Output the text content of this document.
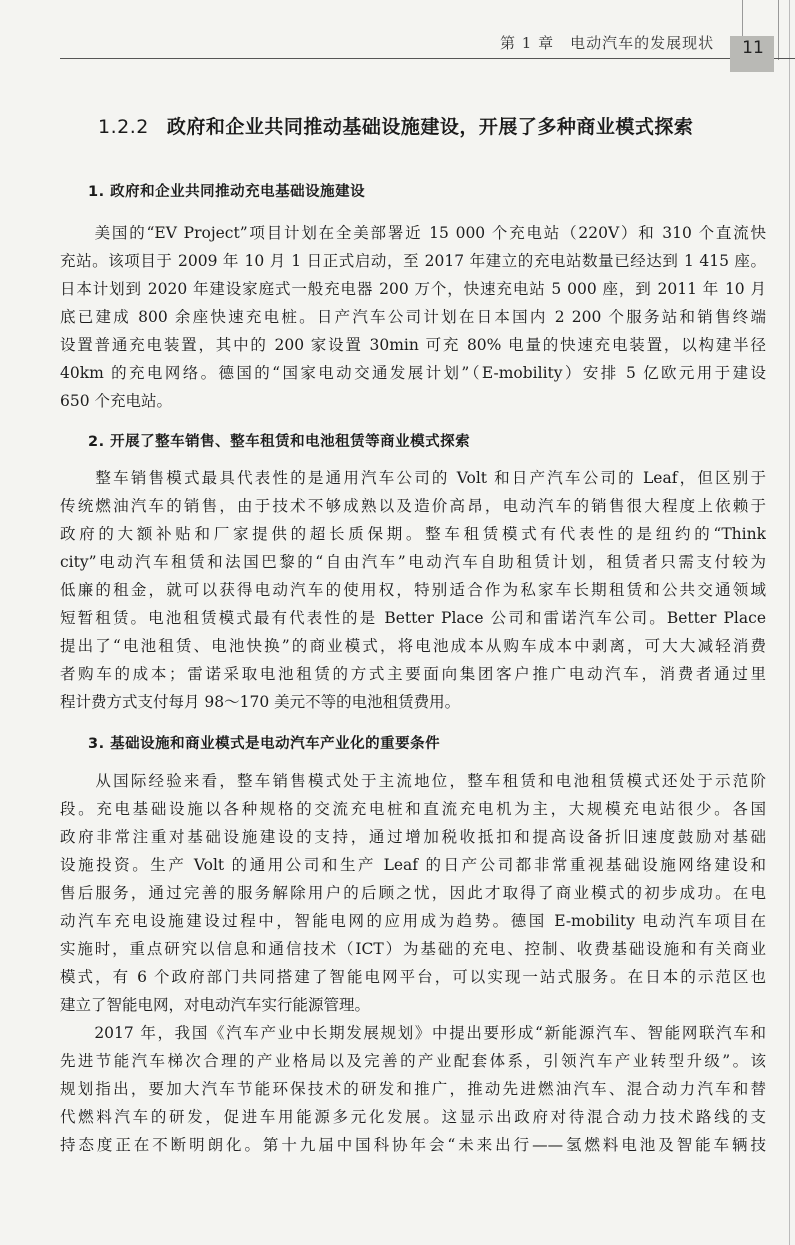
第 1 章　电动汽车的发展现状	11
1.2.2 政府和企业共同推动基础设施建设，开展了多种商业模式探索
1. 政府和企业共同推动充电基础设施建设
　　美国的“EV Project”项目计划在全美部署近 15 000 个充电站（220V）和 310 个直流快
充站。该项目于 2009 年 10 月 1 日正式启动，至 2017 年建立的充电站数量已经达到 1 415 座。
日本计划到 2020 年建设家庭式一般充电器 200 万个，快速充电站 5 000 座，到 2011 年 10 月
底已建成 800 余座快速充电桩。日产汽车公司计划在日本国内 2 200 个服务站和销售终端
设置普通充电装置，其中的 200 家设置 30min 可充 80% 电量的快速充电装置，以构建半径
40km 的充电网络。德国的“国家电动交通发展计划”（E-mobility）安排 5 亿欧元用于建设
650 个充电站。
2. 开展了整车销售、整车租赁和电池租赁等商业模式探索
　　整车销售模式最具代表性的是通用汽车公司的 Volt 和日产汽车公司的 Leaf，但区别于
传统燃油汽车的销售，由于技术不够成熟以及造价高昂，电动汽车的销售很大程度上依赖于
政府的大额补贴和厂家提供的超长质保期。整车租赁模式有代表性的是纽约的“Think
city”电动汽车租赁和法国巴黎的“自由汽车”电动汽车自助租赁计划，租赁者只需支付较为
低廉的租金，就可以获得电动汽车的使用权，特别适合作为私家车长期租赁和公共交通领域
短暂租赁。电池租赁模式最有代表性的是 Better Place 公司和雷诺汽车公司。Better Place
提出了“电池租赁、电池快换”的商业模式，将电池成本从购车成本中剥离，可大大减轻消费
者购车的成本；雷诺采取电池租赁的方式主要面向集团客户推广电动汽车，消费者通过里
程计费方式支付每月 98～170 美元不等的电池租赁费用。
3. 基础设施和商业模式是电动汽车产业化的重要条件
　　从国际经验来看，整车销售模式处于主流地位，整车租赁和电池租赁模式还处于示范阶
段。充电基础设施以各种规格的交流充电桩和直流充电机为主，大规模充电站很少。各国
政府非常注重对基础设施建设的支持，通过增加税收抵扣和提高设备折旧速度鼓励对基础
设施投资。生产 Volt 的通用公司和生产 Leaf 的日产公司都非常重视基础设施网络建设和
售后服务，通过完善的服务解除用户的后顾之忧，因此才取得了商业模式的初步成功。在电
动汽车充电设施建设过程中，智能电网的应用成为趋势。德国 E-mobility 电动汽车项目在
实施时，重点研究以信息和通信技术（ICT）为基础的充电、控制、收费基础设施和有关商业
模式，有 6 个政府部门共同搭建了智能电网平台，可以实现一站式服务。在日本的示范区也
建立了智能电网，对电动汽车实行能源管理。
　　2017 年，我国《汽车产业中长期发展规划》中提出要形成“新能源汽车、智能网联汽车和
先进节能汽车梯次合理的产业格局以及完善的产业配套体系，引领汽车产业转型升级”。该
规划指出，要加大汽车节能环保技术的研发和推广，推动先进燃油汽车、混合动力汽车和替
代燃料汽车的研发，促进车用能源多元化发展。这显示出政府对待混合动力技术路线的支
持态度正在不断明朗化。第十九届中国科协年会“未来出行——氢燃料电池及智能车辆技
